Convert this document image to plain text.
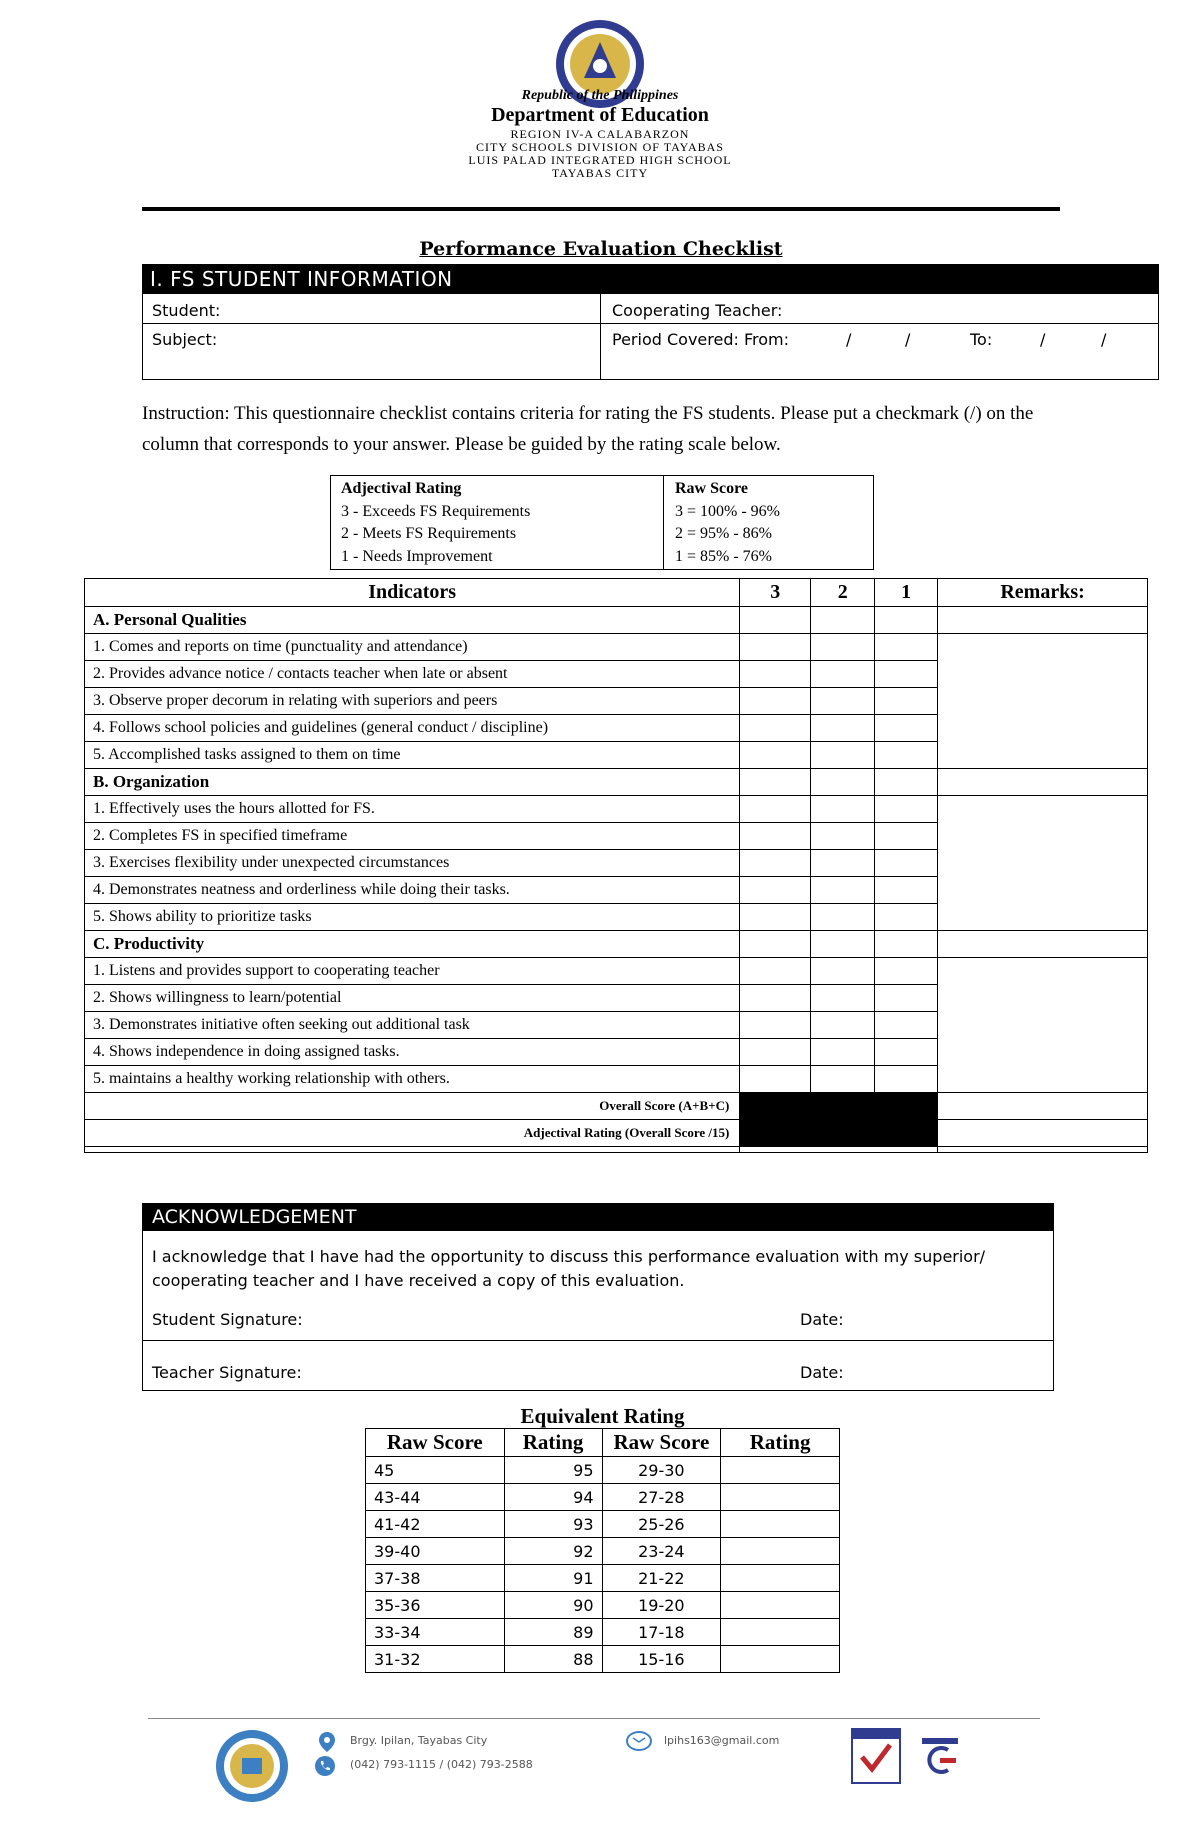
Republic of the Philippines
Department of Education
REGION IV-A CALABARZON
CITY SCHOOLS DIVISION OF TAYABAS
LUIS PALAD INTEGRATED HIGH SCHOOL
TAYABAS CITY
Performance Evaluation Checklist
I. FS STUDENT INFORMATION
Student:	Cooperating Teacher:
Subject:	Period Covered: From:	/	/	To:	/	/
Instruction: This questionnaire checklist contains criteria for rating the FS students. Please put a checkmark (/) on the column that corresponds to your answer. Please be guided by the rating scale below.
Adjectival Rating
3 - Exceeds FS Requirements
2 - Meets FS Requirements
1 - Needs Improvement
Raw Score
3 = 100% - 96%
2 = 95% - 86%
1 = 85% - 76%
Indicators	3	2	1	Remarks:
A. Personal Qualities				
1. Comes and reports on time (punctuality and attendance)				
2. Provides advance notice / contacts teacher when late or absent				
3. Observe proper decorum in relating with superiors and peers				
4. Follows school policies and guidelines (general conduct / discipline)				
5. Accomplished tasks assigned to them on time				
B. Organization				
1. Effectively uses the hours allotted for FS.				
2. Completes FS in specified timeframe				
3. Exercises flexibility under unexpected circumstances				
4. Demonstrates neatness and orderliness while doing their tasks.				
5. Shows ability to prioritize tasks				
C. Productivity				
1. Listens and provides support to cooperating teacher				
2. Shows willingness to learn/potential				
3. Demonstrates initiative often seeking out additional task				
4. Shows independence in doing assigned tasks.				
5. maintains a healthy working relationship with others.				
Overall Score (A+B+C)				
Adjectival Rating (Overall Score /15)				

ACKNOWLEDGEMENT
I acknowledge that I have had the opportunity to discuss this performance evaluation with my superior/
cooperating teacher and I have received a copy of this evaluation.
Student Signature:	Date:
Teacher Signature:	Date:
Equivalent Rating
Raw Score	Rating	Raw Score	Rating
45	95	29-30	
43-44	94	27-28	
41-42	93	25-26	
39-40	92	23-24	
37-38	91	21-22	
35-36	90	19-20	
33-34	89	17-18	
31-32	88	15-16	
Brgy. Ipilan, Tayabas City
(042) 793-1115 / (042) 793-2588
lpihs163@gmail.com
